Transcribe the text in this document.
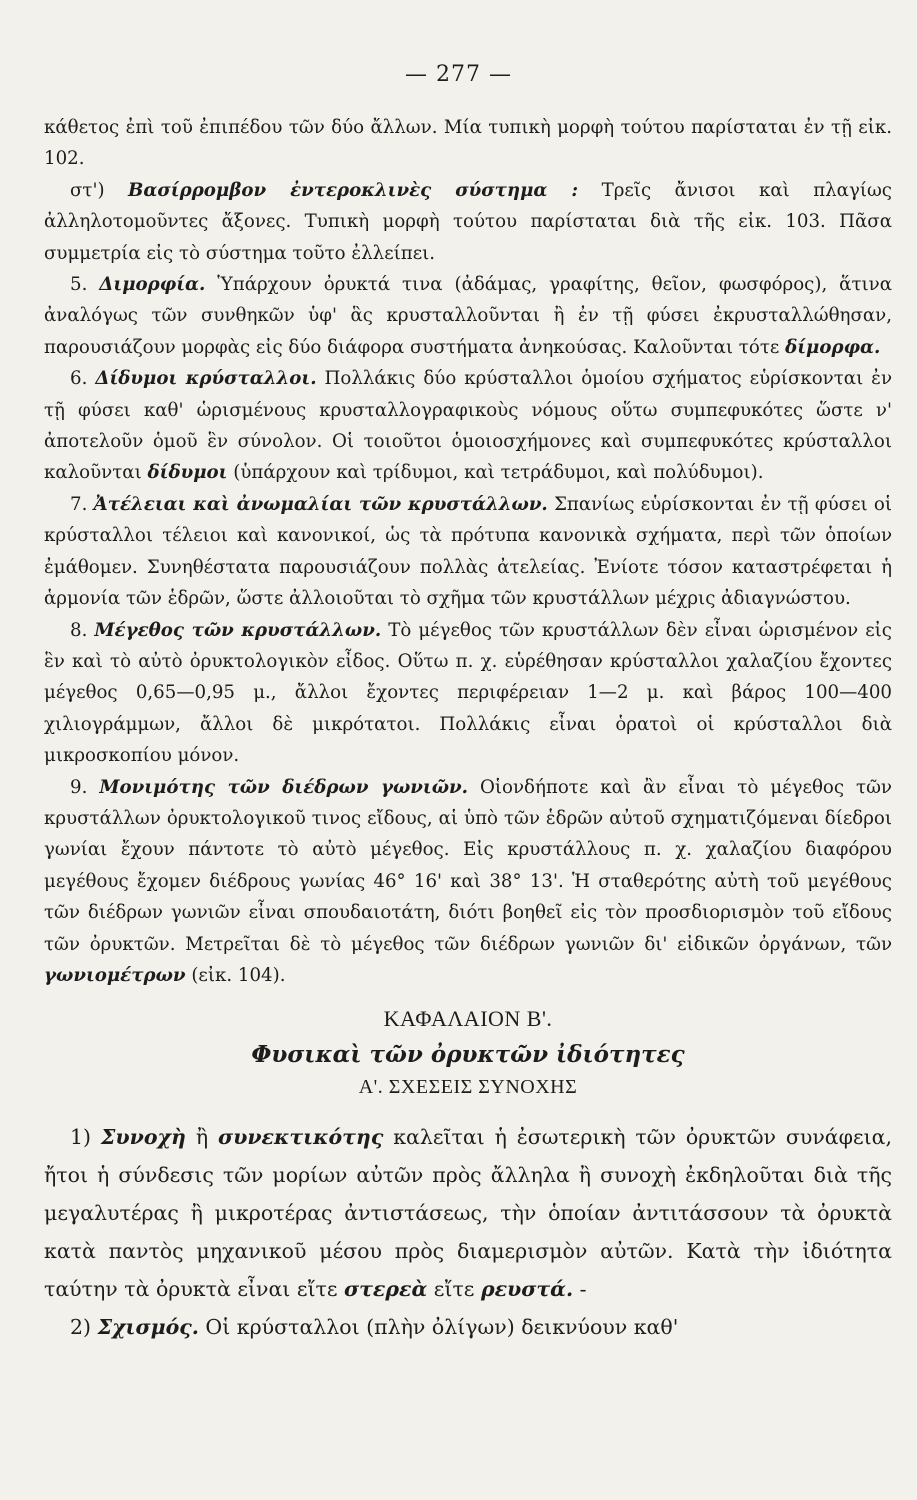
— 277 —

κάθετος ἐπὶ τοῦ ἐπιπέδου τῶν δύο ἄλλων. Μία τυπικὴ μορφὴ τούτου παρίσταται ἐν τῇ εἰκ. 102.

στ') Βασίρρομβον ἐντεροκλινὲς σύστημα : Τρεῖς ἄνισοι καὶ πλαγίως ἀλληλοτομοῦντες ἄξονες. Τυπικὴ μορφὴ τούτου παρίσταται διὰ τῆς εἰκ. 103. Πᾶσα συμμετρία εἰς τὸ σύστημα τοῦτο ἐλλείπει.

5. Διμορφία. Ὑπάρχουν ὀρυκτά τινα (ἀδάμας, γραφίτης, θεῖον, φωσφόρος), ἅτινα ἀναλόγως τῶν συνθηκῶν ὑφ' ἃς κρυσταλλοῦνται ἢ ἐν τῇ φύσει ἐκρυσταλλώθησαν, παρουσιάζουν μορφὰς εἰς δύο διάφορα συστήματα ἀνηκούσας. Καλοῦνται τότε δίμορφα.

6. Δίδυμοι κρύσταλλοι. Πολλάκις δύο κρύσταλλοι ὁμοίου σχήματος εὑρίσκονται ἐν τῇ φύσει καθ' ὡρισμένους κρυσταλλογραφικοὺς νόμους οὕτω συμπεφυκότες ὥστε ν' ἀποτελοῦν ὁμοῦ ἓν σύνολον. Οἱ τοιοῦτοι ὁμοιοσχήμονες καὶ συμπεφυκότες κρύσταλλοι καλοῦνται δίδυμοι (ὑπάρχουν καὶ τρίδυμοι, καὶ τετράδυμοι, καὶ πολύδυμοι).

7. Ἀτέλειαι καὶ ἀνωμαλίαι τῶν κρυστάλλων. Σπανίως εὑρίσκονται ἐν τῇ φύσει οἱ κρύσταλλοι τέλειοι καὶ κανονικοί, ὡς τὰ πρότυπα κανονικὰ σχήματα, περὶ τῶν ὁποίων ἐμάθομεν. Συνηθέστατα παρουσιάζουν πολλὰς ἀτελείας. Ἐνίοτε τόσον καταστρέφεται ἡ ἁρμονία τῶν ἑδρῶν, ὥστε ἀλλοιοῦται τὸ σχῆμα τῶν κρυστάλλων μέχρις ἀδιαγνώστου.

8. Μέγεθος τῶν κρυστάλλων. Τὸ μέγεθος τῶν κρυστάλλων δὲν εἶναι ὡρισμένον εἰς ἓν καὶ τὸ αὐτὸ ὀρυκτολογικὸν εἶδος. Οὕτω π. χ. εὑρέθησαν κρύσταλλοι χαλαζίου ἔχοντες μέγεθος 0,65—0,95 μ., ἄλλοι ἔχοντες περιφέρειαν 1—2 μ. καὶ βάρος 100—400 χιλιογράμμων, ἄλλοι δὲ μικρότατοι. Πολλάκις εἶναι ὁρατοὶ οἱ κρύσταλλοι διὰ μικροσκοπίου μόνον.

9. Μονιμότης τῶν διέδρων γωνιῶν. Οἱονδήποτε καὶ ἂν εἶναι τὸ μέγεθος τῶν κρυστάλλων ὀρυκτολογικοῦ τινος εἴδους, αἱ ὑπὸ τῶν ἑδρῶν αὐτοῦ σχηματιζόμεναι δίεδροι γωνίαι ἔχουν πάντοτε τὸ αὐτὸ μέγεθος. Εἰς κρυστάλλους π. χ. χαλαζίου διαφόρου μεγέθους ἔχομεν διέδρους γωνίας 46° 16' καὶ 38° 13'. Ἡ σταθερότης αὐτὴ τοῦ μεγέθους τῶν διέδρων γωνιῶν εἶναι σπουδαιοτάτη, διότι βοηθεῖ εἰς τὸν προσδιορισμὸν τοῦ εἴδους τῶν ὀρυκτῶν. Μετρεῖται δὲ τὸ μέγεθος τῶν διέδρων γωνιῶν δι' εἰδικῶν ὀργάνων, τῶν γωνιομέτρων (εἰκ. 104).

ΚΑΦΑΛΑΙΟΝ Β'.

Φυσικαὶ τῶν ὀρυκτῶν ἰδιότητες

Α'. ΣΧΕΣΕΙΣ ΣΥΝΟΧΗΣ

1) Συνοχὴ ἢ συνεκτικότης καλεῖται ἡ ἐσωτερικὴ τῶν ὀρυκτῶν συνάφεια, ἤτοι ἡ σύνδεσις τῶν μορίων αὐτῶν πρὸς ἄλληλα ἢ συνοχὴ ἐκδηλοῦται διὰ τῆς μεγαλυτέρας ἢ μικροτέρας ἀντιστάσεως, τὴν ὁποίαν ἀντιτάσσουν τὰ ὀρυκτὰ κατὰ παντὸς μηχανικοῦ μέσου πρὸς διαμερισμὸν αὐτῶν. Κατὰ τὴν ἰδιότητα ταύτην τὰ ὀρυκτὰ εἶναι εἴτε στερεὰ εἴτε ρευστά. -

2) Σχισμός. Οἱ κρύσταλλοι (πλὴν ὀλίγων) δεικνύουν καθ'
